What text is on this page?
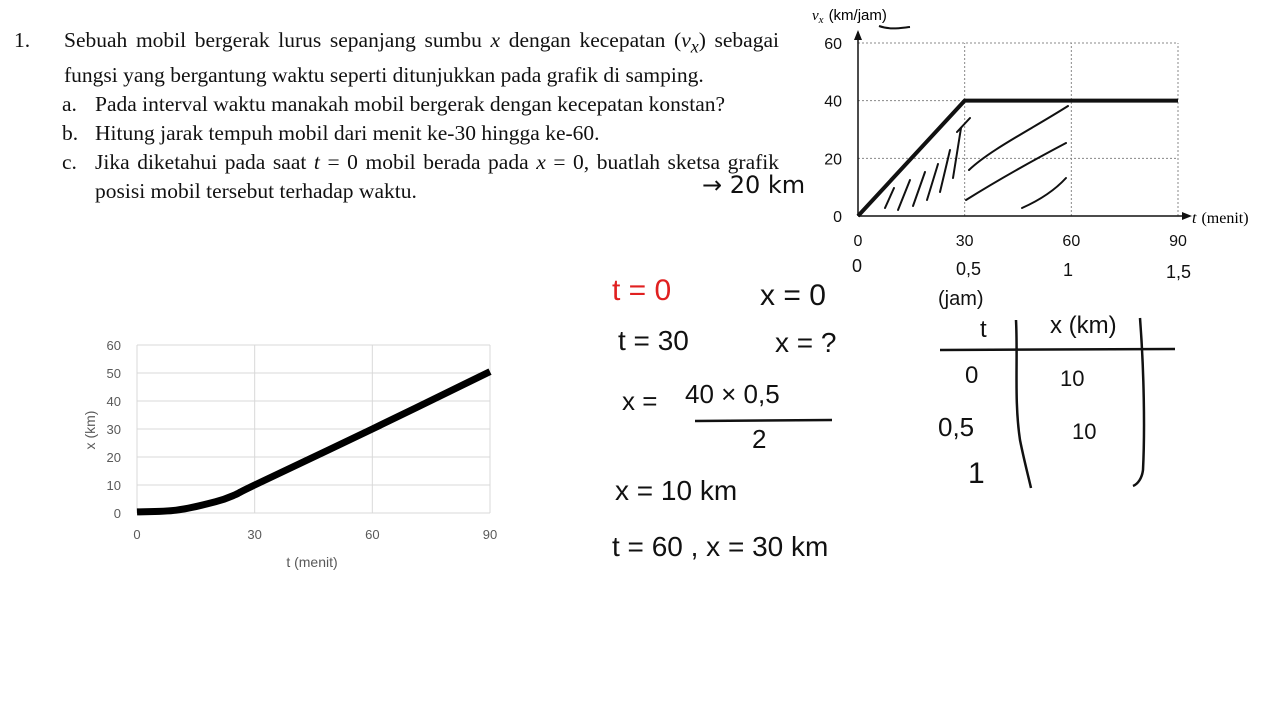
1. Sebuah mobil bergerak lurus sepanjang sumbu x dengan kecepatan $(v_x)$ sebagai fungsi yang bergantung waktu seperti ditunjukkan pada grafik di samping.
a. Pada interval waktu manakah mobil bergerak dengan kecepatan konstan?
b. Hitung jarak tempuh mobil dari menit ke-30 hingga ke-60.
c. Jika diketahui pada saat t = 0 mobil berada pada x = 0, buatlah sketsa grafik posisi mobil tersebut terhadap waktu.
0
20
40
60
0	30	60	90
$v_x$ (km/jam)
t (menit)
0
10
20
30
40
50
60
0	30	60	90
t (menit)
x (km)
→ 20 km
0	0,5	1	1,5
(jam)
t = 0	x = 0
t = 30	x = ?
x = 40 × 0,5
2
x = 10 km
t = 60 , x = 30 km
t	x (km)
0	10
0,5	10
1
